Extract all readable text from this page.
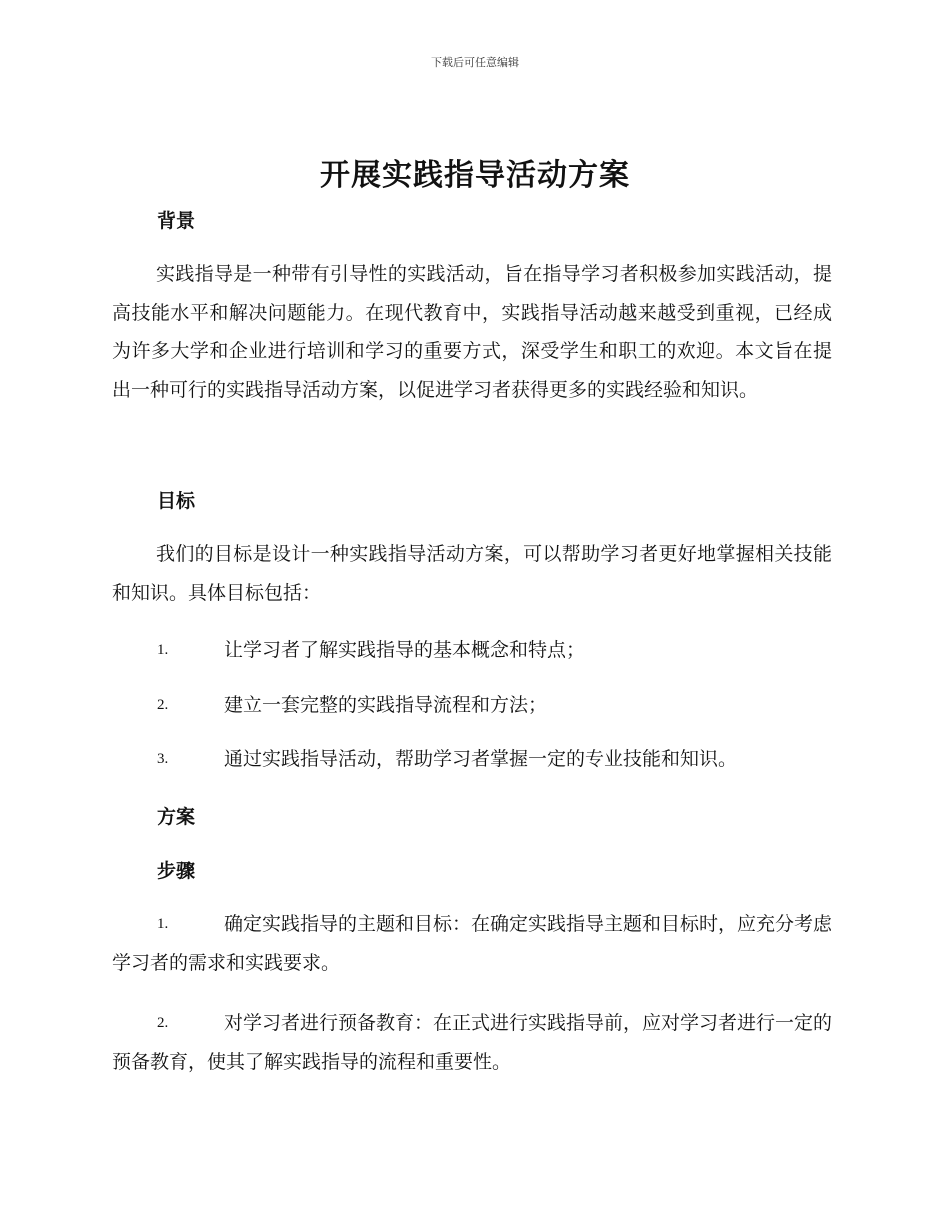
下载后可任意编辑
开展实践指导活动方案
背景
实践指导是一种带有引导性的实践活动，旨在指导学习者积极参加实践活动，提高技能水平和解决问题能力。在现代教育中，实践指导活动越来越受到重视，已经成为许多大学和企业进行培训和学习的重要方式，深受学生和职工的欢迎。本文旨在提出一种可行的实践指导活动方案，以促进学习者获得更多的实践经验和知识。
目标
我们的目标是设计一种实践指导活动方案，可以帮助学习者更好地掌握相关技能和知识。具体目标包括：
1.	让学习者了解实践指导的基本概念和特点；
2.	建立一套完整的实践指导流程和方法；
3.	通过实践指导活动，帮助学习者掌握一定的专业技能和知识。
方案
步骤
1.	确定实践指导的主题和目标：在确定实践指导主题和目标时，应充分考虑学习者的需求和实践要求。
2.	对学习者进行预备教育：在正式进行实践指导前，应对学习者进行一定的预备教育，使其了解实践指导的流程和重要性。
